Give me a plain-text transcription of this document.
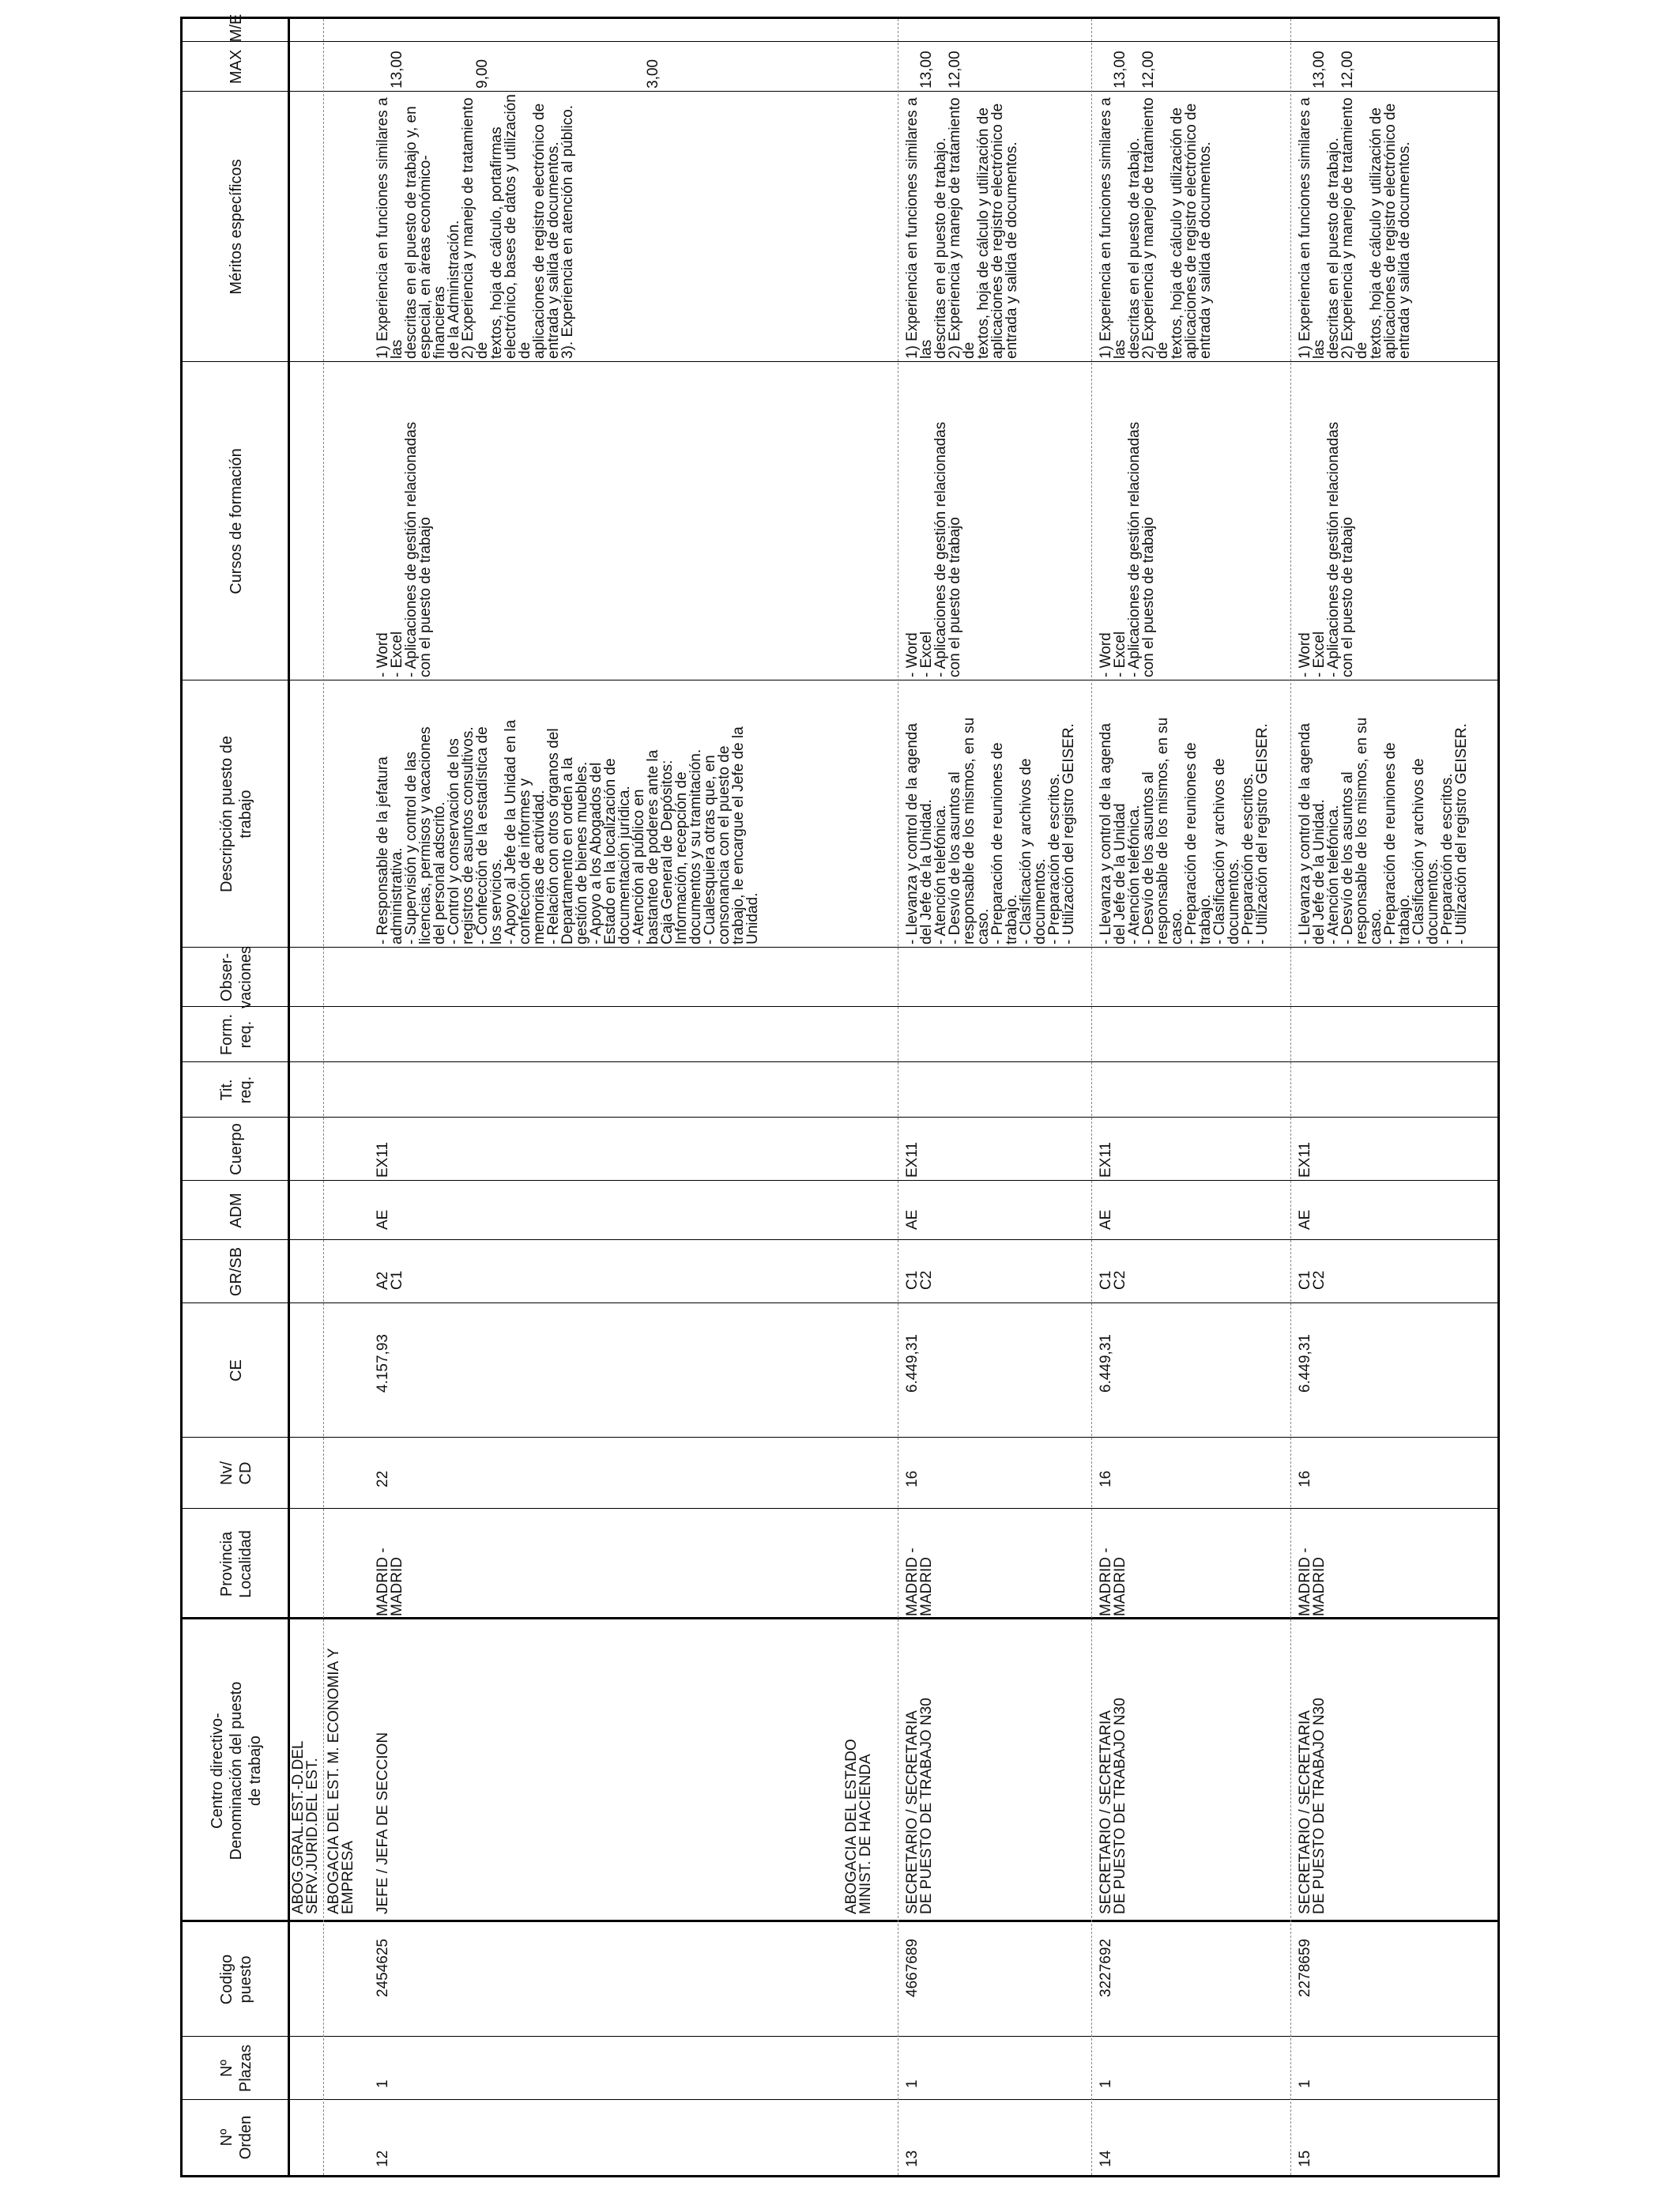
Nº
Orden
Nº
Plazas
Codigo
puesto
Centro directivo-
Denominación del puesto
de trabajo
Provincia
Localidad
Nv/
CD
CE
GR/SB
ADM
Cuerpo
Tit.
req.
Form.
req.
Obser-
vaciones
Descripción puesto de
trabajo
Cursos de formación
Méritos específicos
MAX
M/E
ABOG.GRAL.EST.-D.DEL SERV.JURID.DEL EST. ABOGACIA DEL EST. M. ECONOMIA Y EMPRESA
12
1
2454625
JEFE / JEFA DE SECCION
MADRID -
MADRID
22
4.157,93
A2
C1
AE
EX11
- Responsable de la jefatura
administrativa.
- Supervisión y control de las
licencias, permisos y vacaciones
del personal adscrito.
- Control y conservación de los
registros de asuntos consultivos.
- Confección de la estadística de
los servicios.
- Apoyo al Jefe de la Unidad en la
confección de informes y
memorias de actividad.
- Relación con otros órganos del
Departamento en orden a la
gestión de bienes muebles.
- Apoyo a los Abogados del
Estado en la localización de
documentación jurídica.
- Atención al público en
bastanteo de poderes ante la
Caja General de Depósitos:
Información, recepción de
documentos y su tramitación.
- Cualesquiera otras que, en
consonancia con el puesto de
trabajo, le encargue el Jefe de la
Unidad.
- Word
- Excel
- Aplicaciones de gestión relacionadas
con el puesto de trabajo
1) Experiencia en funciones similares a las
descritas en el puesto de trabajo y, en
especial, en áreas económico-financieras
de la Administración.
2) Experiencia y manejo de tratamiento de
textos, hoja de cálculo, portafirmas
electrónico, bases de datos y utilización de
aplicaciones de registro electrónico de
entrada y salida de documentos.
3). Experiencia en atención al público.

13,00	9,00	3,00

ABOGACIA DEL ESTADO
MINIST. DE HACIENDA
13
1
4667689
SECRETARIO / SECRETARIA
DE PUESTO DE TRABAJO N30
MADRID -
MADRID
16
6.449,31
C1
C2
AE
EX11
- Llevanza y control de la agenda
del Jefe de la Unidad.
- Atención telefónica.
- Desvío de los asuntos al
responsable de los mismos, en su
caso.
- Preparación de reuniones de
trabajo.
- Clasificación y archivos de
documentos.
- Preparación de escritos.
- Utilización del registro GEISER.
- Word
- Excel
- Aplicaciones de gestión relacionadas
con el puesto de trabajo
1) Experiencia en funciones similares a las
descritas en el puesto de trabajo.
2) Experiencia y manejo de tratamiento de
textos, hoja de cálculo y utilización de
aplicaciones de registro electrónico de
entrada y salida de documentos.

13,00 12,00

14
1
3227692
SECRETARIO / SECRETARIA
DE PUESTO DE TRABAJO N30
MADRID -
MADRID
16
6.449,31
C1
C2
AE
EX11
- Llevanza y control de la agenda
del Jefe de la Unidad
- Atención telefónica.
- Desvío de los asuntos al
responsable de los mismos, en su
caso.
- Preparación de reuniones de
trabajo.
- Clasificación y archivos de
documentos.
- Preparación de escritos.
- Utilización del registro GEISER.
- Word
- Excel
- Aplicaciones de gestión relacionadas
con el puesto de trabajo
1) Experiencia en funciones similares a las
descritas en el puesto de trabajo.
2) Experiencia y manejo de tratamiento de
textos, hoja de cálculo y utilización de
aplicaciones de registro electrónico de
entrada y salida de documentos.

13,00 12,00

15
1
2278659
SECRETARIO / SECRETARIA
DE PUESTO DE TRABAJO N30
MADRID -
MADRID
16
6.449,31
C1
C2
AE
EX11
- Llevanza y control de la agenda
del Jefe de la Unidad.
- Atención telefónica.
- Desvío de los asuntos al
responsable de los mismos, en su
caso.
- Preparación de reuniones de
trabajo.
- Clasificación y archivos de
documentos.
- Preparación de escritos.
- Utilización del registro GEISER.
- Word
- Excel
- Aplicaciones de gestión relacionadas
con el puesto de trabajo
1) Experiencia en funciones similares a las
descritas en el puesto de trabajo.
2) Experiencia y manejo de tratamiento de
textos, hoja de cálculo y utilización de
aplicaciones de registro electrónico de
entrada y salida de documentos.

13,00 12,00
